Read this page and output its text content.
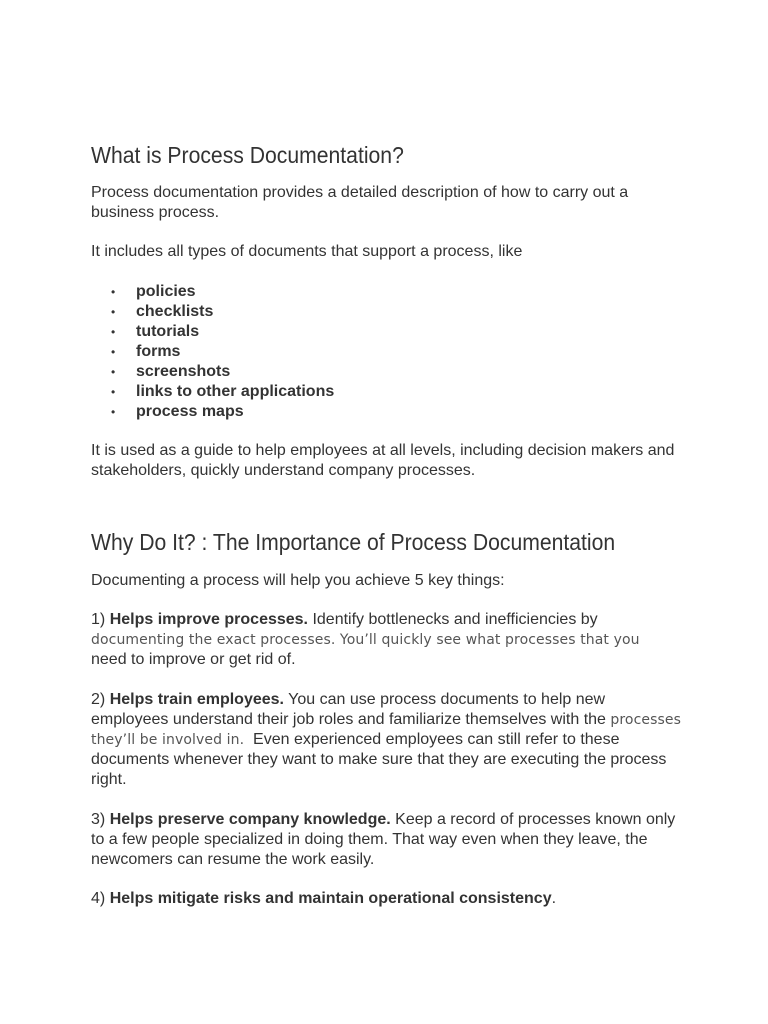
What is Process Documentation?

Process documentation provides a detailed description of how to carry out a business process.

It includes all types of documents that support a process, like

• policies
• checklists
• tutorials
• forms
• screenshots
• links to other applications
• process maps

It is used as a guide to help employees at all levels, including decision makers and stakeholders, quickly understand company processes.

Why Do It? : The Importance of Process Documentation

Documenting a process will help you achieve 5 key things:

1) Helps improve processes. Identify bottlenecks and inefficiencies by
documenting the exact processes. You’ll quickly see what processes that you
need to improve or get rid of.

2) Helps train employees. You can use process documents to help new employees understand their job roles and familiarize themselves with the processes they’ll be involved in. Even experienced employees can still refer to these documents whenever they want to make sure that they are executing the process right.

3) Helps preserve company knowledge. Keep a record of processes known only to a few people specialized in doing them. That way even when they leave, the newcomers can resume the work easily.

4) Helps mitigate risks and maintain operational consistency.
